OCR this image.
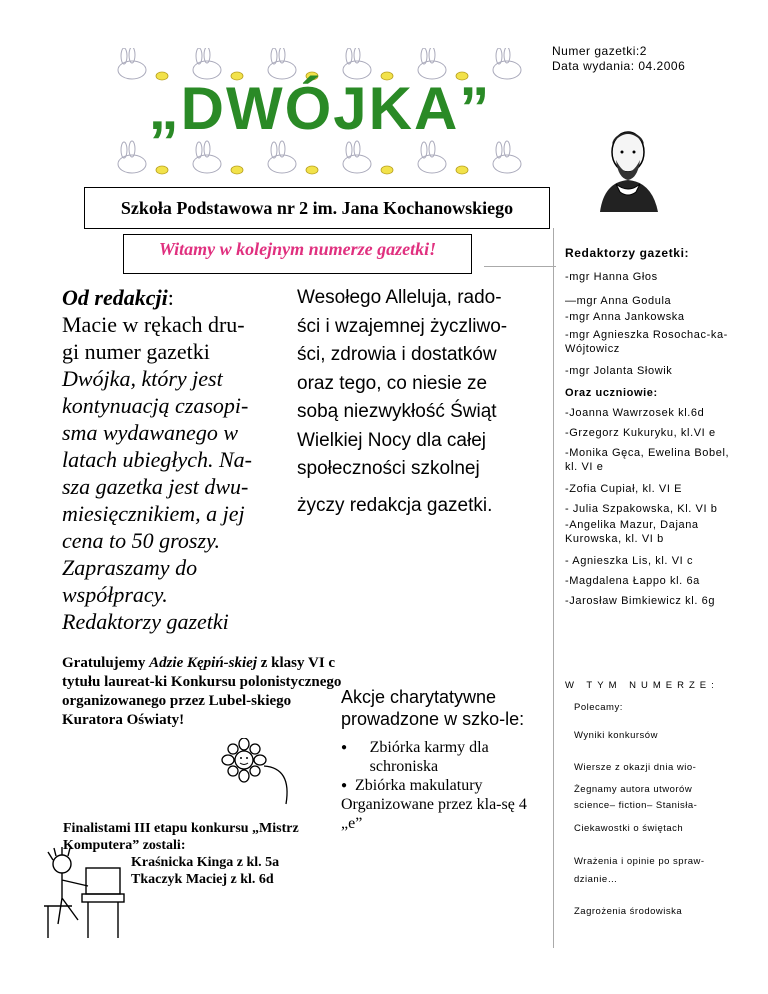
Numer gazetki:2
Data wydania: 04.2006
„DWÓJKA”
Szkoła Podstawowa nr 2 im. Jana Kochanowskiego
Witamy w kolejnym numerze gazetki!	Redaktorzy gazetki:
-mgr Hanna Głos
—mgr Anna Godula
-mgr Anna Jankowska
-mgr Agnieszka Rosochac-ka-Wójtowicz
-mgr Jolanta Słowik
Oraz uczniowie:
-Joanna Wawrzosek kl.6d
-Grzegorz Kukuryku, kl.VI e
-Monika Gęca, Ewelina Bobel, kl. VI e
-Zofia Cupiał, kl. VI E
- Julia Szpakowska, Kl. VI b
-Angelika Mazur, Dajana Kurowska, kl. VI b
- Agnieszka Lis, kl. VI c
-Magdalena Łappo kl. 6a
-Jarosław Bimkiewicz kl. 6g
Od redakcji:
Macie w rękach dru-
gi numer gazetki
Dwójka, który jest
kontynuacją czasopi-
sma wydawanego w
latach ubiegłych. Na-
sza gazetka jest dwu-
miesięcznikiem, a jej
cena to 50 groszy.
Zapraszamy do
współpracy.
Redaktorzy gazetki
Wesołego Alleluja, rado-
ści i wzajemnej życzliwo-
ści, zdrowia i dostatków
oraz tego, co niesie ze
sobą niezwykłość Świąt
Wielkiej Nocy dla całej
społeczności szkolnej
życzy redakcja gazetki.
Gratulujemy Adzie Kępiń-skiej z klasy VI c tytułu laureat-ki Konkursu polonistycznego organizowanego przez Lubel-skiego Kuratora Oświaty!
Akcje charytatywne prowadzone w szko-le:
●	Zbiórka karmy dla schroniska
● Zbiórka makulatury
Organizowane przez kla-sę 4 „e”
Finalistami III etapu konkursu „Mistrz Komputera” zostali:
Kraśnicka Kinga z kl. 5a
Tkaczyk Maciej z kl. 6d
W TYM NUMERZE:
Polecamy:
Wyniki konkursów
Wiersze z okazji dnia wio-
Żegnamy autora utworów
science– fiction– Stanisła-
Ciekawostki o świętach
Wrażenia i opinie po spraw-
dzianie…
Zagrożenia środowiska
